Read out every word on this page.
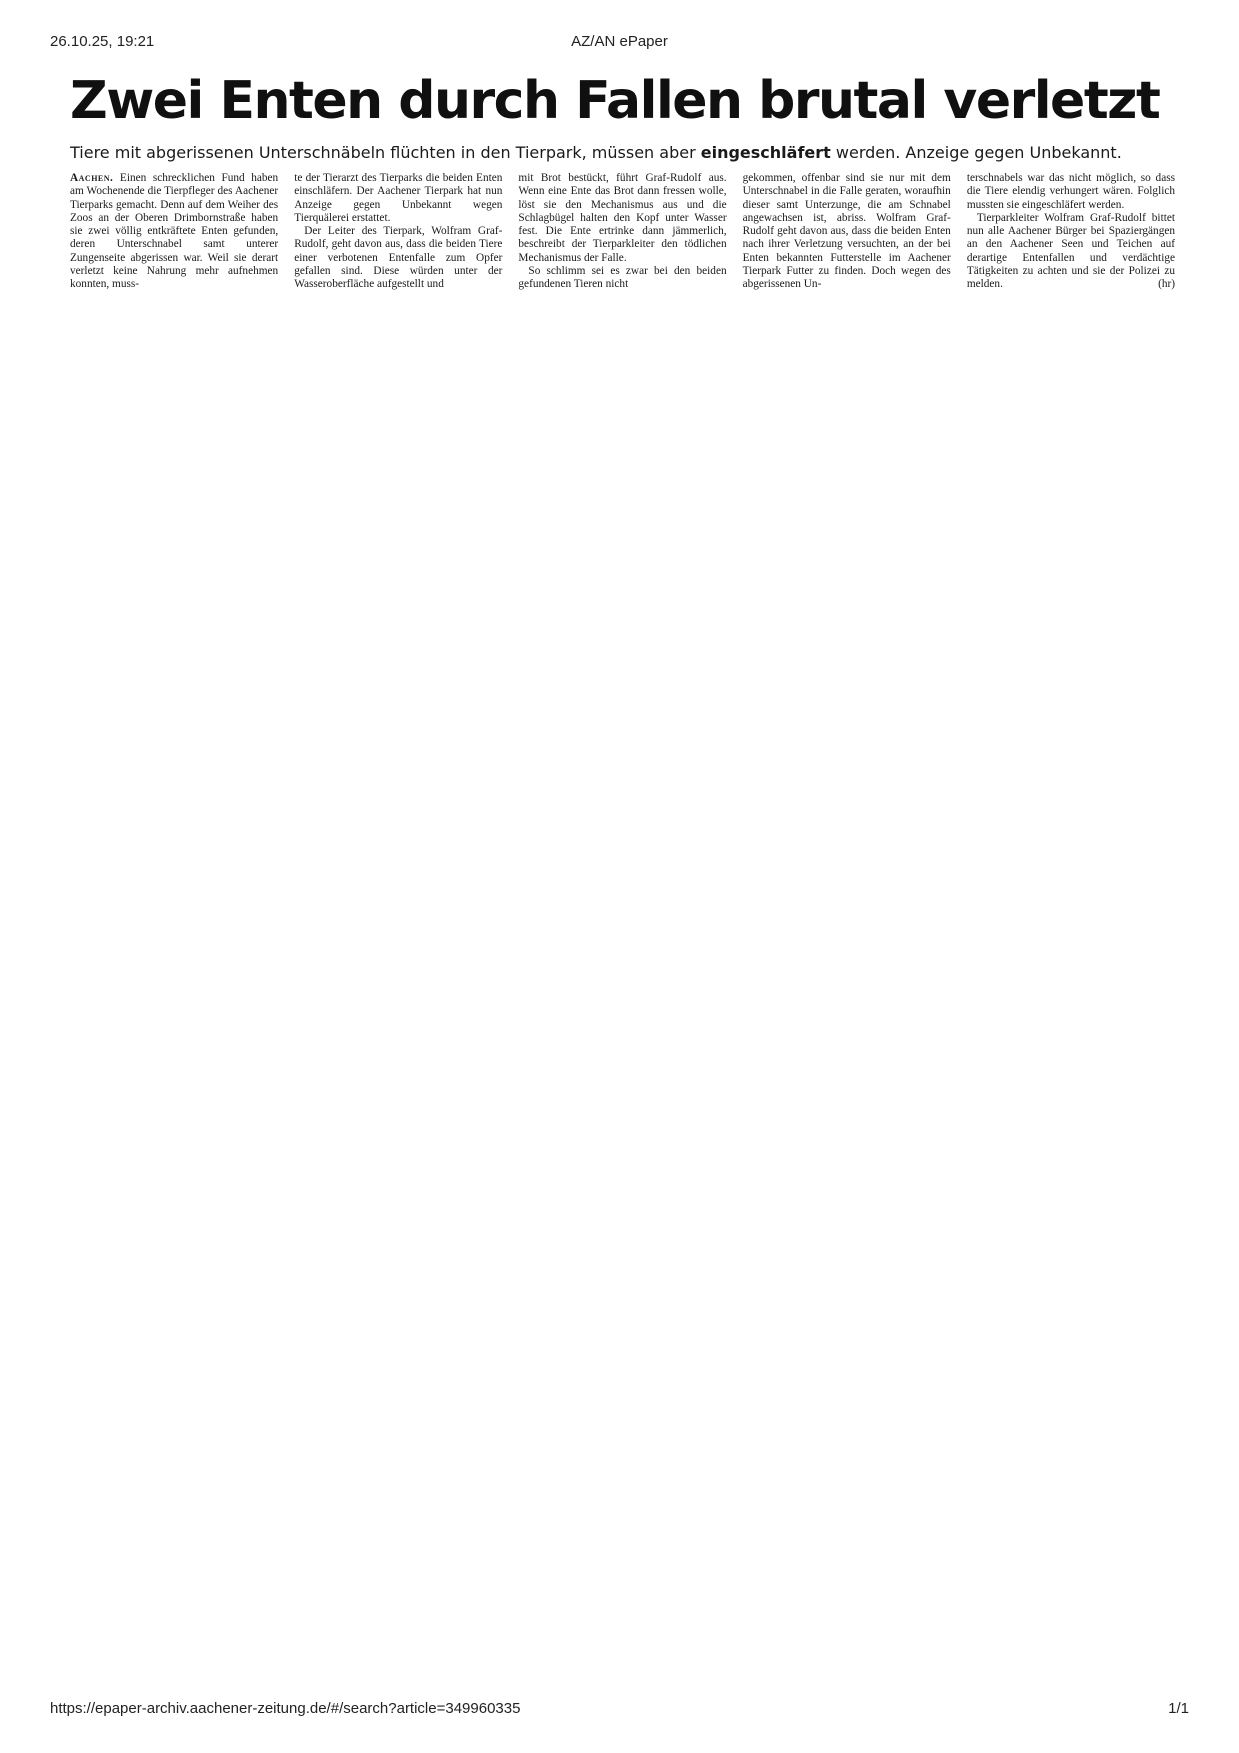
26.10.25, 19:21	AZ/AN ePaper
Zwei Enten durch Fallen brutal verletzt

Tiere mit abgerissenen Unterschnäbeln flüchten in den Tierpark, müssen aber eingeschläfert werden. Anzeige gegen Unbekannt.

Aachen. Einen schrecklichen Fund haben am Wochenende die Tierpfleger des Aachener Tierparks gemacht. Denn auf dem Weiher des Zoos an der Oberen Drimbornstraße haben sie zwei völlig entkräftete Enten gefunden, deren Unterschnabel samt unterer Zungenseite abgerissen war. Weil sie derart verletzt keine Nahrung mehr aufnehmen konnten, muss-

te der Tierarzt des Tierparks die beiden Enten einschläfern. Der Aachener Tierpark hat nun Anzeige gegen Unbekannt wegen Tierquälerei erstattet.

Der Leiter des Tierpark, Wolfram Graf-Rudolf, geht davon aus, dass die beiden Tiere einer verbotenen Entenfalle zum Opfer gefallen sind. Diese würden unter der Wasseroberfläche aufgestellt und

mit Brot bestückt, führt Graf-Rudolf aus. Wenn eine Ente das Brot dann fressen wolle, löst sie den Mechanismus aus und die Schlagbügel halten den Kopf unter Wasser fest. Die Ente ertrinke dann jämmerlich, beschreibt der Tierparkleiter den tödlichen Mechanismus der Falle.

So schlimm sei es zwar bei den beiden gefundenen Tieren nicht

gekommen, offenbar sind sie nur mit dem Unterschnabel in die Falle geraten, woraufhin dieser samt Unterzunge, die am Schnabel angewachsen ist, abriss. Wolfram Graf-Rudolf geht davon aus, dass die beiden Enten nach ihrer Verletzung versuchten, an der bei Enten bekannten Futterstelle im Aachener Tierpark Futter zu finden. Doch wegen des abgerissenen Un-

terschnabels war das nicht möglich, so dass die Tiere elendig verhungert wären. Folglich mussten sie eingeschläfert werden.

Tierparkleiter Wolfram Graf-Rudolf bittet nun alle Aachener Bürger bei Spaziergängen an den Aachener Seen und Teichen auf derartige Entenfallen und verdächtige Tätigkeiten zu achten und sie der Polizei zu melden.	(hr)

https://epaper-archiv.aachener-zeitung.de/#/search?article=349960335	1/1
